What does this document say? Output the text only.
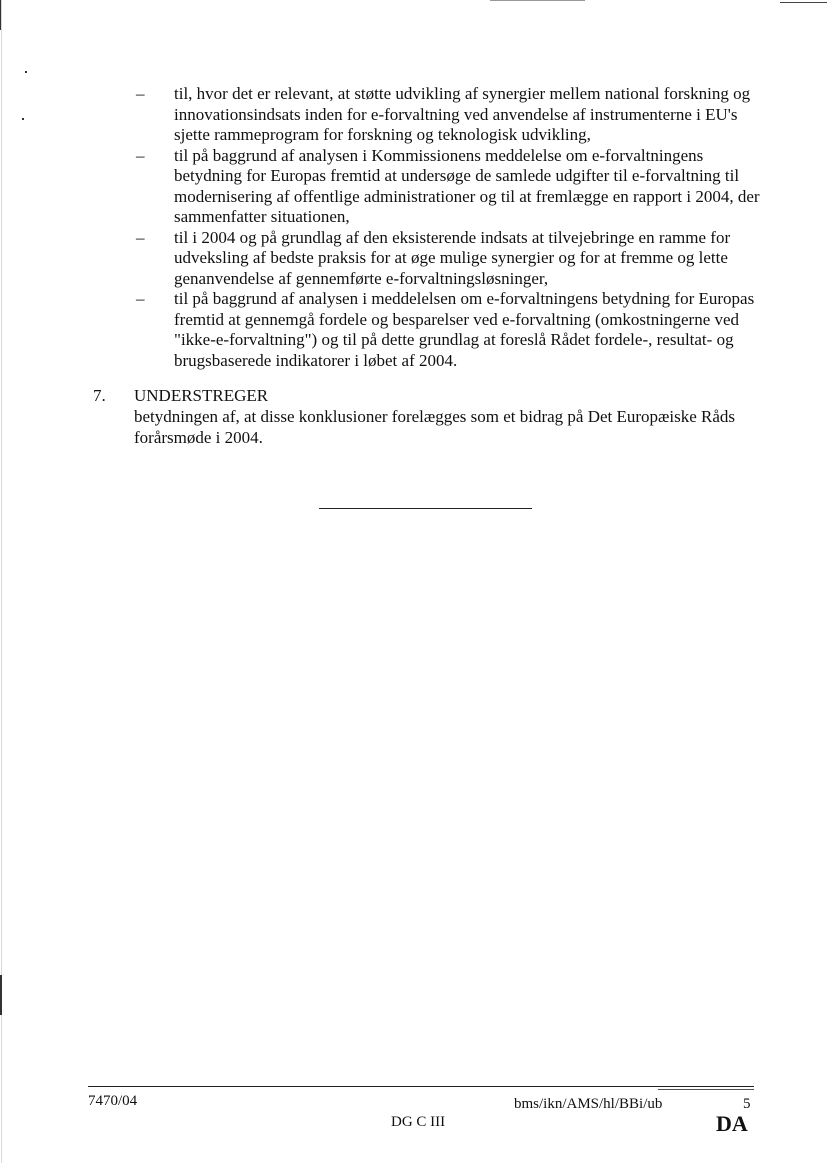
– til, hvor det er relevant, at støtte udvikling af synergier mellem national forskning og innovationsindsats inden for e-forvaltning ved anvendelse af instrumenterne i EU's sjette rammeprogram for forskning og teknologisk udvikling,

– til på baggrund af analysen i Kommissionens meddelelse om e-forvaltningens betydning for Europas fremtid at undersøge de samlede udgifter til e-forvaltning til modernisering af offentlige administrationer og til at fremlægge en rapport i 2004, der sammenfatter situationen,

– til i 2004 og på grundlag af den eksisterende indsats at tilvejebringe en ramme for udveksling af bedste praksis for at øge mulige synergier og for at fremme og lette genanvendelse af gennemførte e-forvaltningsløsninger,

– til på baggrund af analysen i meddelelsen om e-forvaltningens betydning for Europas fremtid at gennemgå fordele og besparelser ved e-forvaltning (omkostningerne ved "ikke-e-forvaltning") og til på dette grundlag at foreslå Rådet fordele-, resultat- og brugsbaserede indikatorer i løbet af 2004.

7. UNDERSTREGER
betydningen af, at disse konklusioner forelægges som et bidrag på Det Europæiske Råds forårsmøde i 2004.
7470/04	bms/ikn/AMS/hl/BBi/ub	5
DG C III	DA
